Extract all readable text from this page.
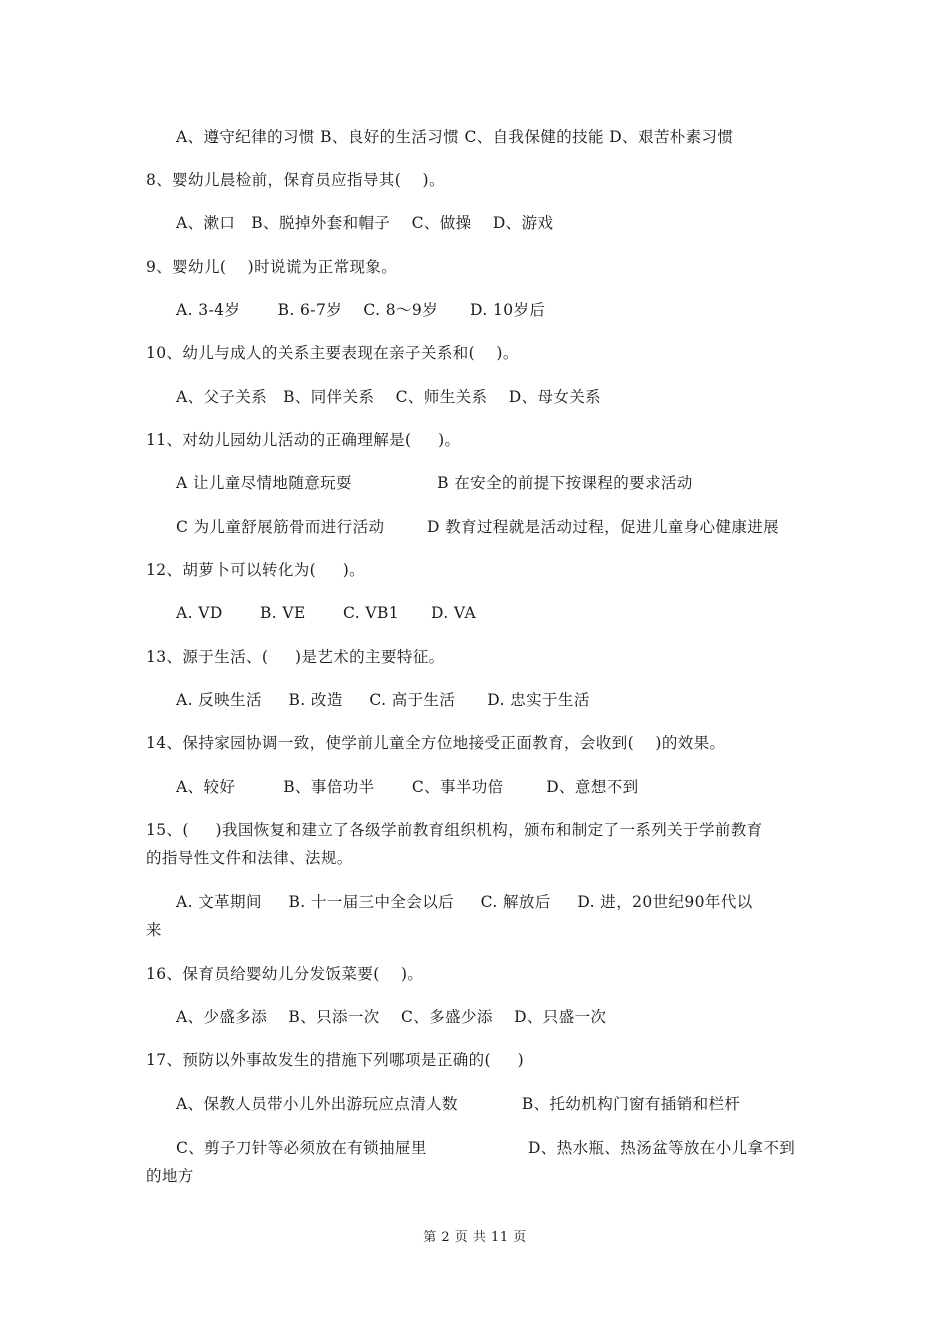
A、遵守纪律的习惯 B、良好的生活习惯 C、自我保健的技能 D、艰苦朴素习惯
8、婴幼儿晨检前，保育员应指导其(    )。
A、漱口   B、脱掉外套和帽子    C、做操    D、游戏
9、婴幼儿(    )时说谎为正常现象。
A. 3-4岁       B. 6-7岁    C. 8～9岁      D. 10岁后
10、幼儿与成人的关系主要表现在亲子关系和(    )。
A、父子关系   B、同伴关系    C、师生关系    D、母女关系
11、对幼儿园幼儿活动的正确理解是(     )。
A 让儿童尽情地随意玩耍                B 在安全的前提下按课程的要求活动
C 为儿童舒展筋骨而进行活动        D 教育过程就是活动过程，促进儿童身心健康进展
12、胡萝卜可以转化为(     )。
A. VD       B. VE       C. VB1      D. VA
13、源于生活、(     )是艺术的主要特征。
A. 反映生活     B. 改造     C. 高于生活      D. 忠实于生活
14、保持家园协调一致，使学前儿童全方位地接受正面教育，会收到(    )的效果。
A、较好         B、事倍功半       C、事半功倍        D、意想不到
15、(     )我国恢复和建立了各级学前教育组织机构，颁布和制定了一系列关于学前教育
的指导性文件和法律、法规。
A. 文革期间     B. 十一届三中全会以后     C. 解放后     D. 进，20世纪90年代以
来
16、保育员给婴幼儿分发饭菜要(    )。
A、少盛多添    B、只添一次    C、多盛少添    D、只盛一次
17、预防以外事故发生的措施下列哪项是正确的(     )
A、保教人员带小儿外出游玩应点清人数            B、托幼机构门窗有插销和栏杆
C、剪子刀针等必须放在有锁抽屉里                   D、热水瓶、热汤盆等放在小儿拿不到
的地方
第 2 页 共 11 页
